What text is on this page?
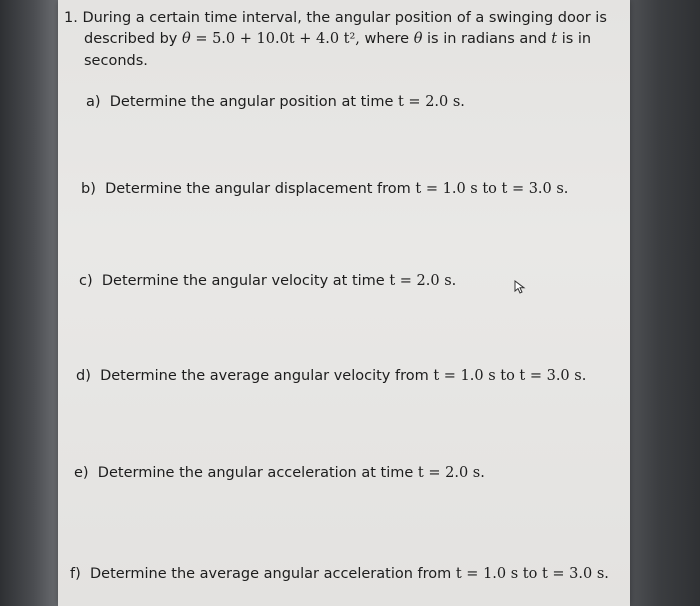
1. During a certain time interval, the angular position of a swinging door is
described by θ = 5.0 + 10.0t + 4.0 t², where θ is in radians and t is in
seconds.
a) Determine the angular position at time t = 2.0 s.
b) Determine the angular displacement from t = 1.0 s to t = 3.0 s.
c) Determine the angular velocity at time t = 2.0 s.
d) Determine the average angular velocity from t = 1.0 s to t = 3.0 s.
e) Determine the angular acceleration at time t = 2.0 s.
f) Determine the average angular acceleration from t = 1.0 s to t = 3.0 s.
